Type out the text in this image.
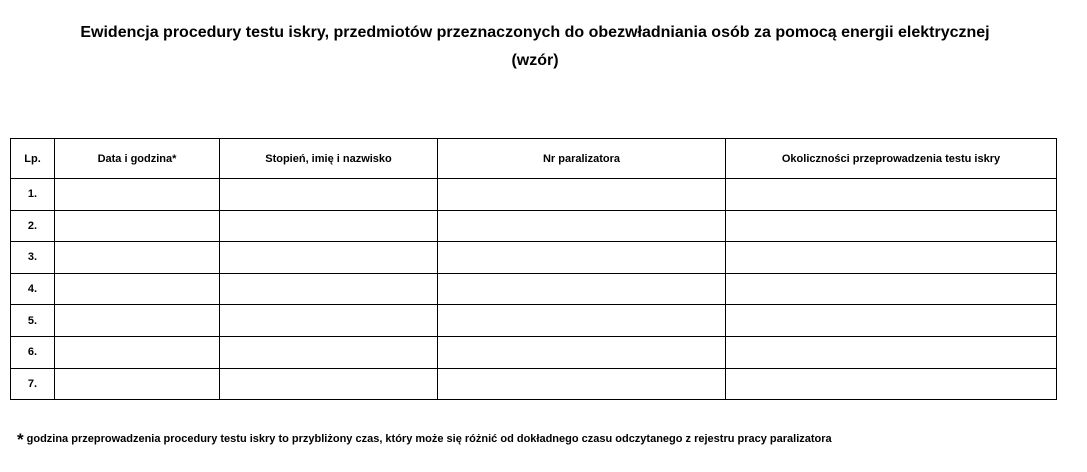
Ewidencja procedury testu iskry, przedmiotów przeznaczonych do obezwładniania osób za pomocą energii elektrycznej
(wzór)
Lp.	Data i godzina*	Stopień, imię i nazwisko	Nr paralizatora	Okoliczności przeprowadzenia testu iskry
1.				
2.				
3.				
4.				
5.				
6.				
7.				
* godzina przeprowadzenia procedury testu iskry to przybliżony czas, który może się różnić od dokładnego czasu odczytanego z rejestru pracy paralizatora
